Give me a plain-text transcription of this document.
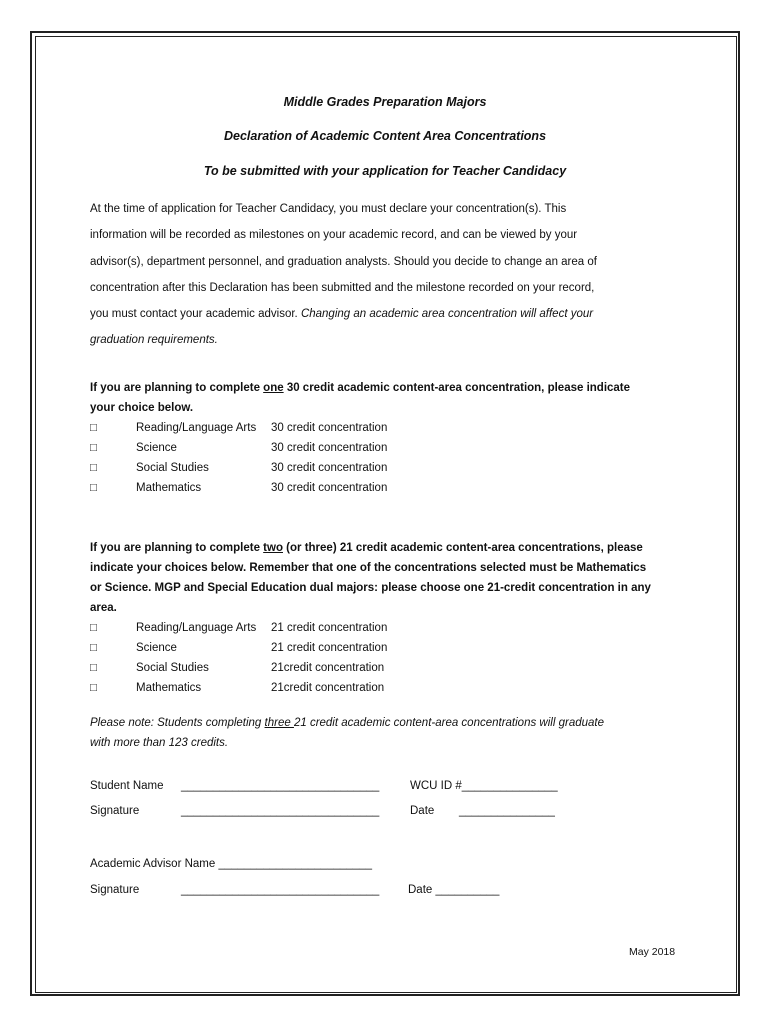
Middle Grades Preparation Majors
Declaration of Academic Content Area Concentrations
To be submitted with your application for Teacher Candidacy
At the time of application for Teacher Candidacy, you must declare your concentration(s). This
information will be recorded as milestones on your academic record, and can be viewed by your
advisor(s), department personnel, and graduation analysts. Should you decide to change an area of
concentration after this Declaration has been submitted and the milestone recorded on your record,
you must contact your academic advisor. Changing an academic area concentration will affect your
graduation requirements.
If you are planning to complete one 30 credit academic content-area concentration, please indicate
your choice below.
□	Reading/Language Arts 30 credit concentration
□	Science	30 credit concentration
□	Social Studies	30 credit concentration
□	Mathematics	30 credit concentration
If you are planning to complete two (or three) 21 credit academic content-area concentrations, please
indicate your choices below. Remember that one of the concentrations selected must be Mathematics
or Science. MGP and Special Education dual majors: please choose one 21-credit concentration in any
area.
□	Reading/Language Arts 21 credit concentration
□	Science	21 credit concentration
□	Social Studies	21credit concentration
□	Mathematics	21credit concentration
Please note: Students completing three 21 credit academic content-area concentrations will graduate
with more than 123 credits.
Student Name _______________________________	WCU ID #_______________
Signature	_______________________________	Date _______________
Academic Advisor Name ________________________
Signature	_______________________________ Date __________
May 2018
